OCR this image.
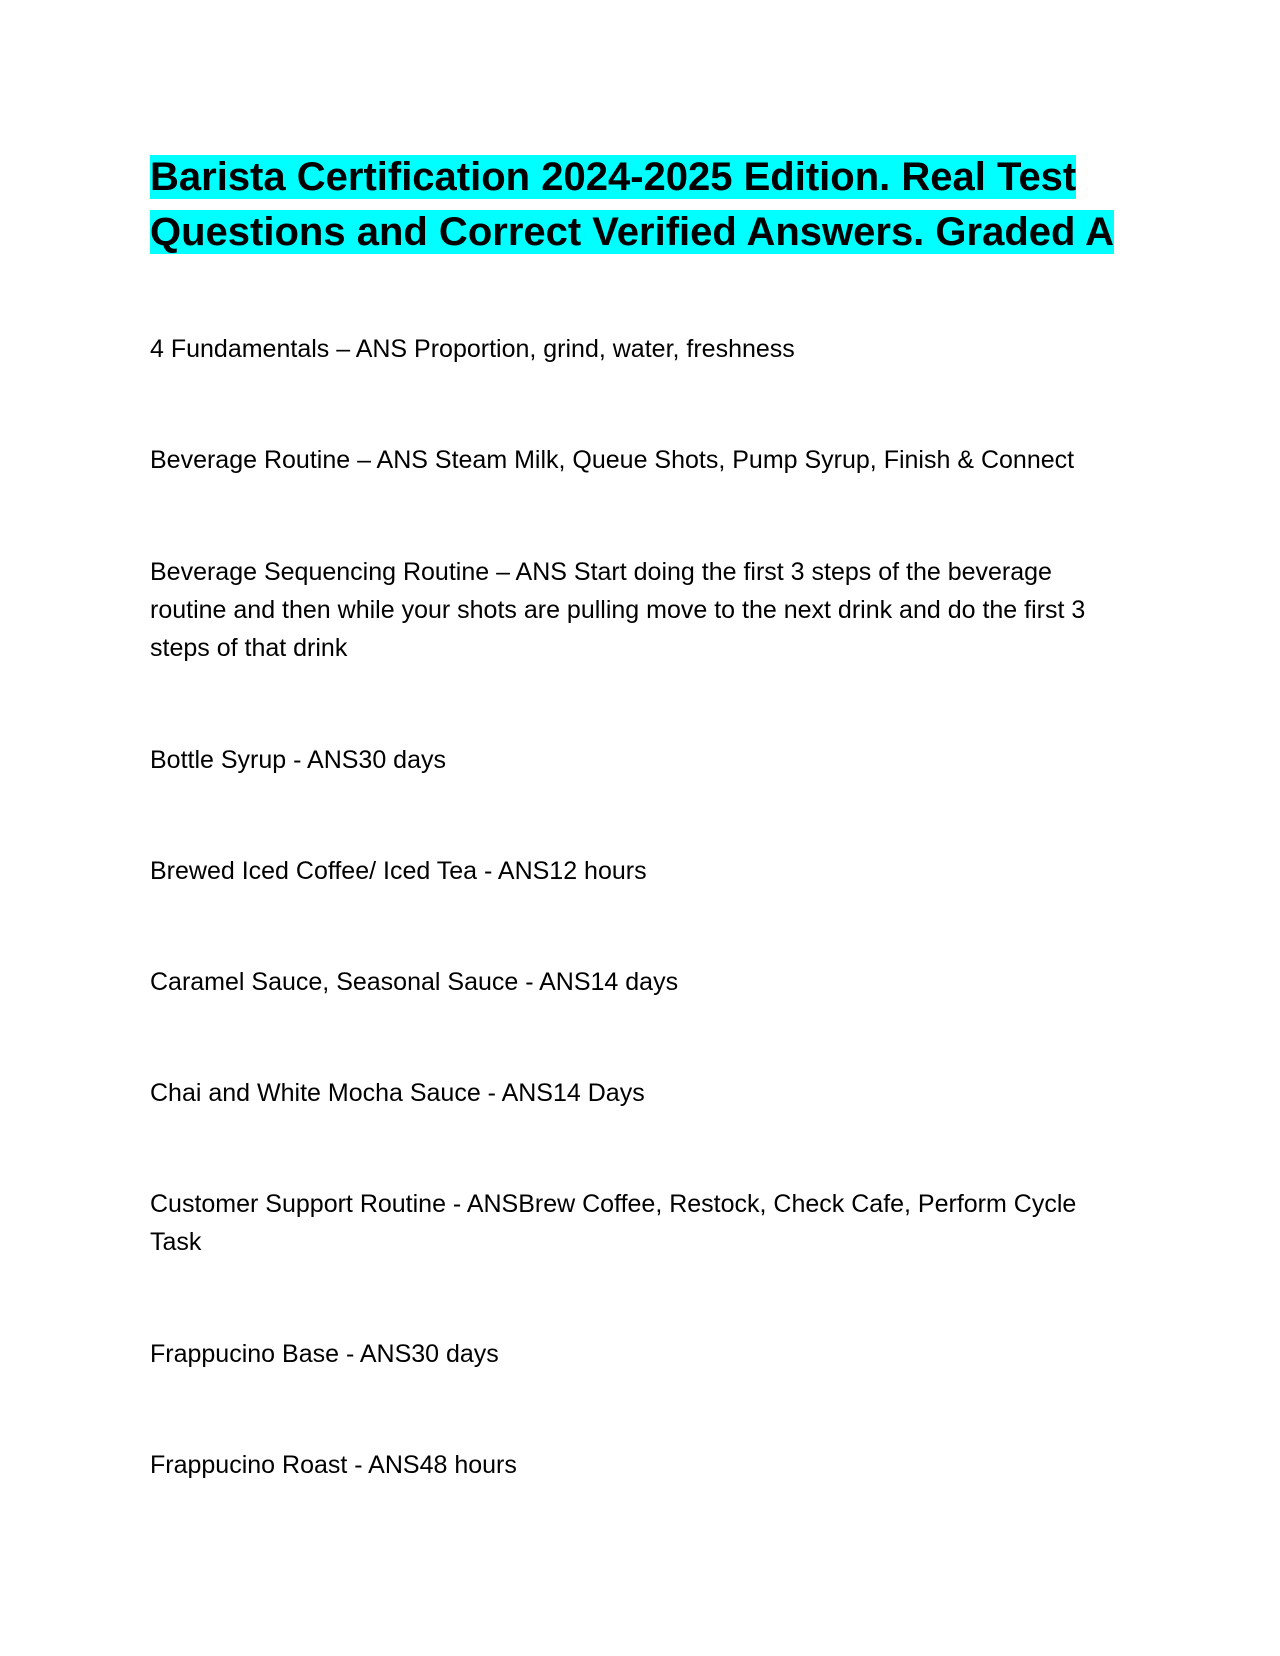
Barista Certification 2024-2025 Edition. Real Test Questions and Correct Verified Answers. Graded A

4 Fundamentals – ANS Proportion, grind, water, freshness

Beverage Routine – ANS Steam Milk, Queue Shots, Pump Syrup, Finish & Connect

Beverage Sequencing Routine – ANS Start doing the first 3 steps of the beverage routine and then while your shots are pulling move to the next drink and do the first 3 steps of that drink

Bottle Syrup - ANS30 days

Brewed Iced Coffee/ Iced Tea - ANS12 hours

Caramel Sauce, Seasonal Sauce - ANS14 days

Chai and White Mocha Sauce - ANS14 Days

Customer Support Routine - ANSBrew Coffee, Restock, Check Cafe, Perform Cycle Task

Frappucino Base - ANS30 days

Frappucino Roast - ANS48 hours
